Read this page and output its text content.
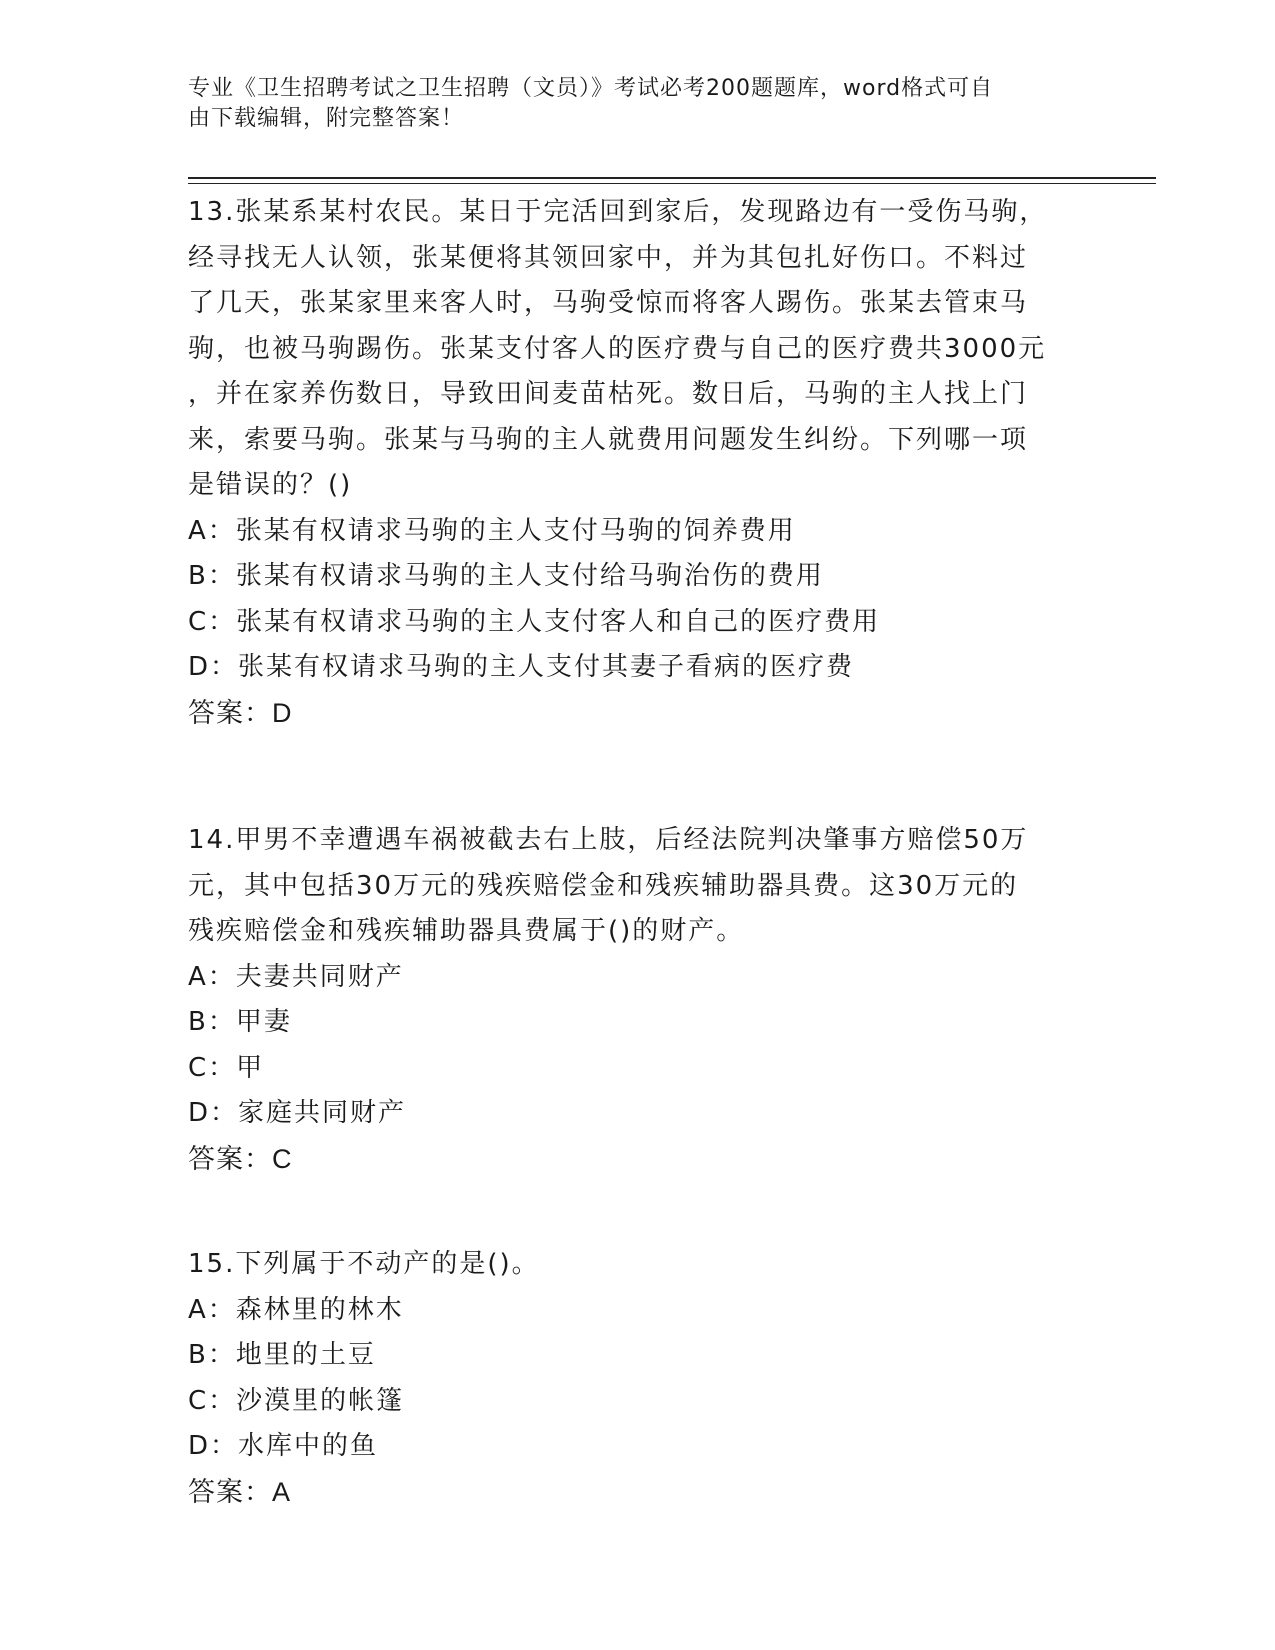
专业《卫生招聘考试之卫生招聘（文员）》考试必考200题题库，word格式可自
由下载编辑，附完整答案！
13.张某系某村农民。某日于完活回到家后，发现路边有一受伤马驹，
经寻找无人认领，张某便将其领回家中，并为其包扎好伤口。不料过
了几天，张某家里来客人时，马驹受惊而将客人踢伤。张某去管束马
驹，也被马驹踢伤。张某支付客人的医疗费与自己的医疗费共3000元
，并在家养伤数日，导致田间麦苗枯死。数日后，马驹的主人找上门
来，索要马驹。张某与马驹的主人就费用问题发生纠纷。下列哪一项
是错误的？()
A：张某有权请求马驹的主人支付马驹的饲养费用
B：张某有权请求马驹的主人支付给马驹治伤的费用
C：张某有权请求马驹的主人支付客人和自己的医疗费用
D：张某有权请求马驹的主人支付其妻子看病的医疗费
答案：D
14.甲男不幸遭遇车祸被截去右上肢，后经法院判决肇事方赔偿50万
元，其中包括30万元的残疾赔偿金和残疾辅助器具费。这30万元的
残疾赔偿金和残疾辅助器具费属于()的财产。
A：夫妻共同财产
B：甲妻
C：甲
D：家庭共同财产
答案：C
15.下列属于不动产的是()。
A：森林里的林木
B：地里的土豆
C：沙漠里的帐篷
D：水库中的鱼
答案：A
